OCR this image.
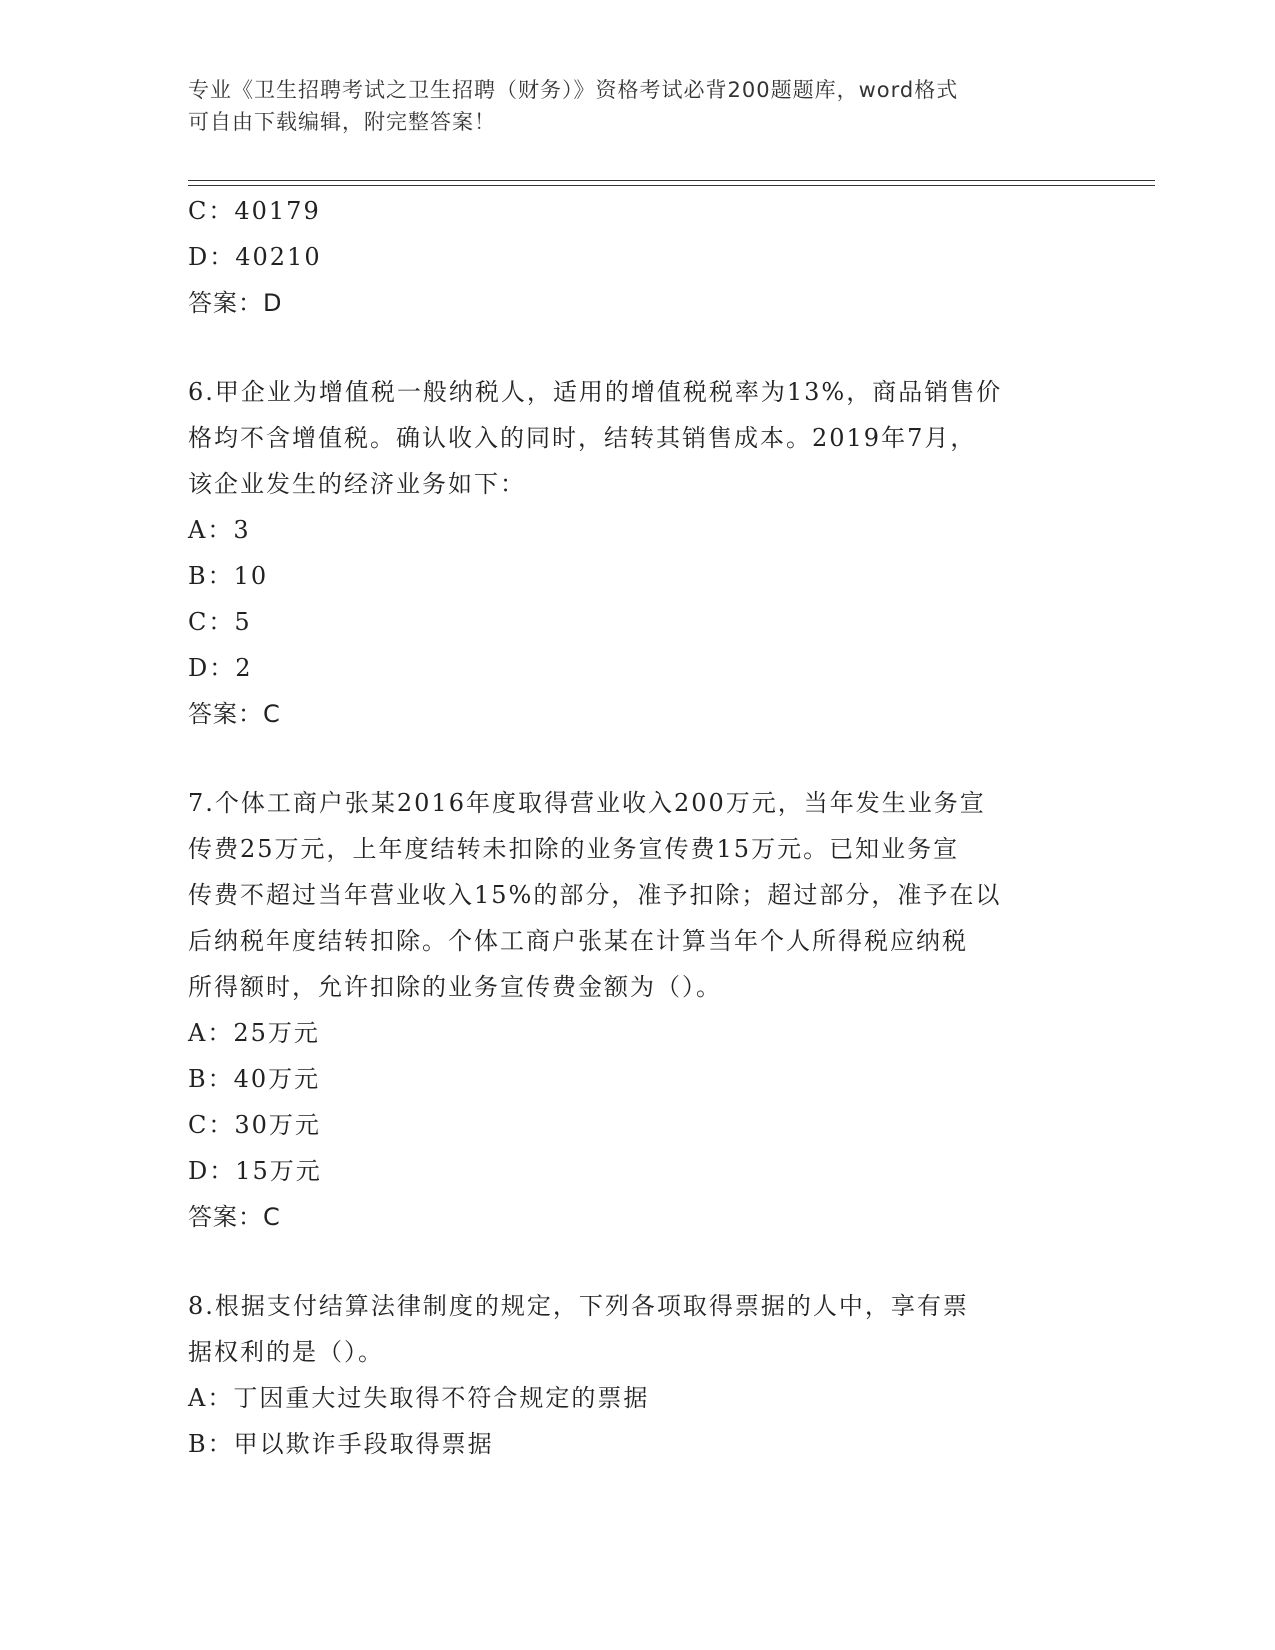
专业《卫生招聘考试之卫生招聘（财务）》资格考试必背200题题库，word格式
可自由下载编辑，附完整答案！

C：40179

D：40210

答案：D

6.甲企业为增值税一般纳税人，适用的增值税税率为13%，商品销售价

格均不含增值税。确认收入的同时，结转其销售成本。2019年7月，

该企业发生的经济业务如下：

A：3

B：10

C：5

D：2

答案：C

7.个体工商户张某2016年度取得营业收入200万元，当年发生业务宣

传费25万元，上年度结转未扣除的业务宣传费15万元。已知业务宣

传费不超过当年营业收入15%的部分，准予扣除；超过部分，准予在以

后纳税年度结转扣除。个体工商户张某在计算当年个人所得税应纳税

所得额时，允许扣除的业务宣传费金额为（）。

A：25万元

B：40万元

C：30万元

D：15万元

答案：C

8.根据支付结算法律制度的规定，下列各项取得票据的人中，享有票

据权利的是（）。

A：丁因重大过失取得不符合规定的票据

B：甲以欺诈手段取得票据
